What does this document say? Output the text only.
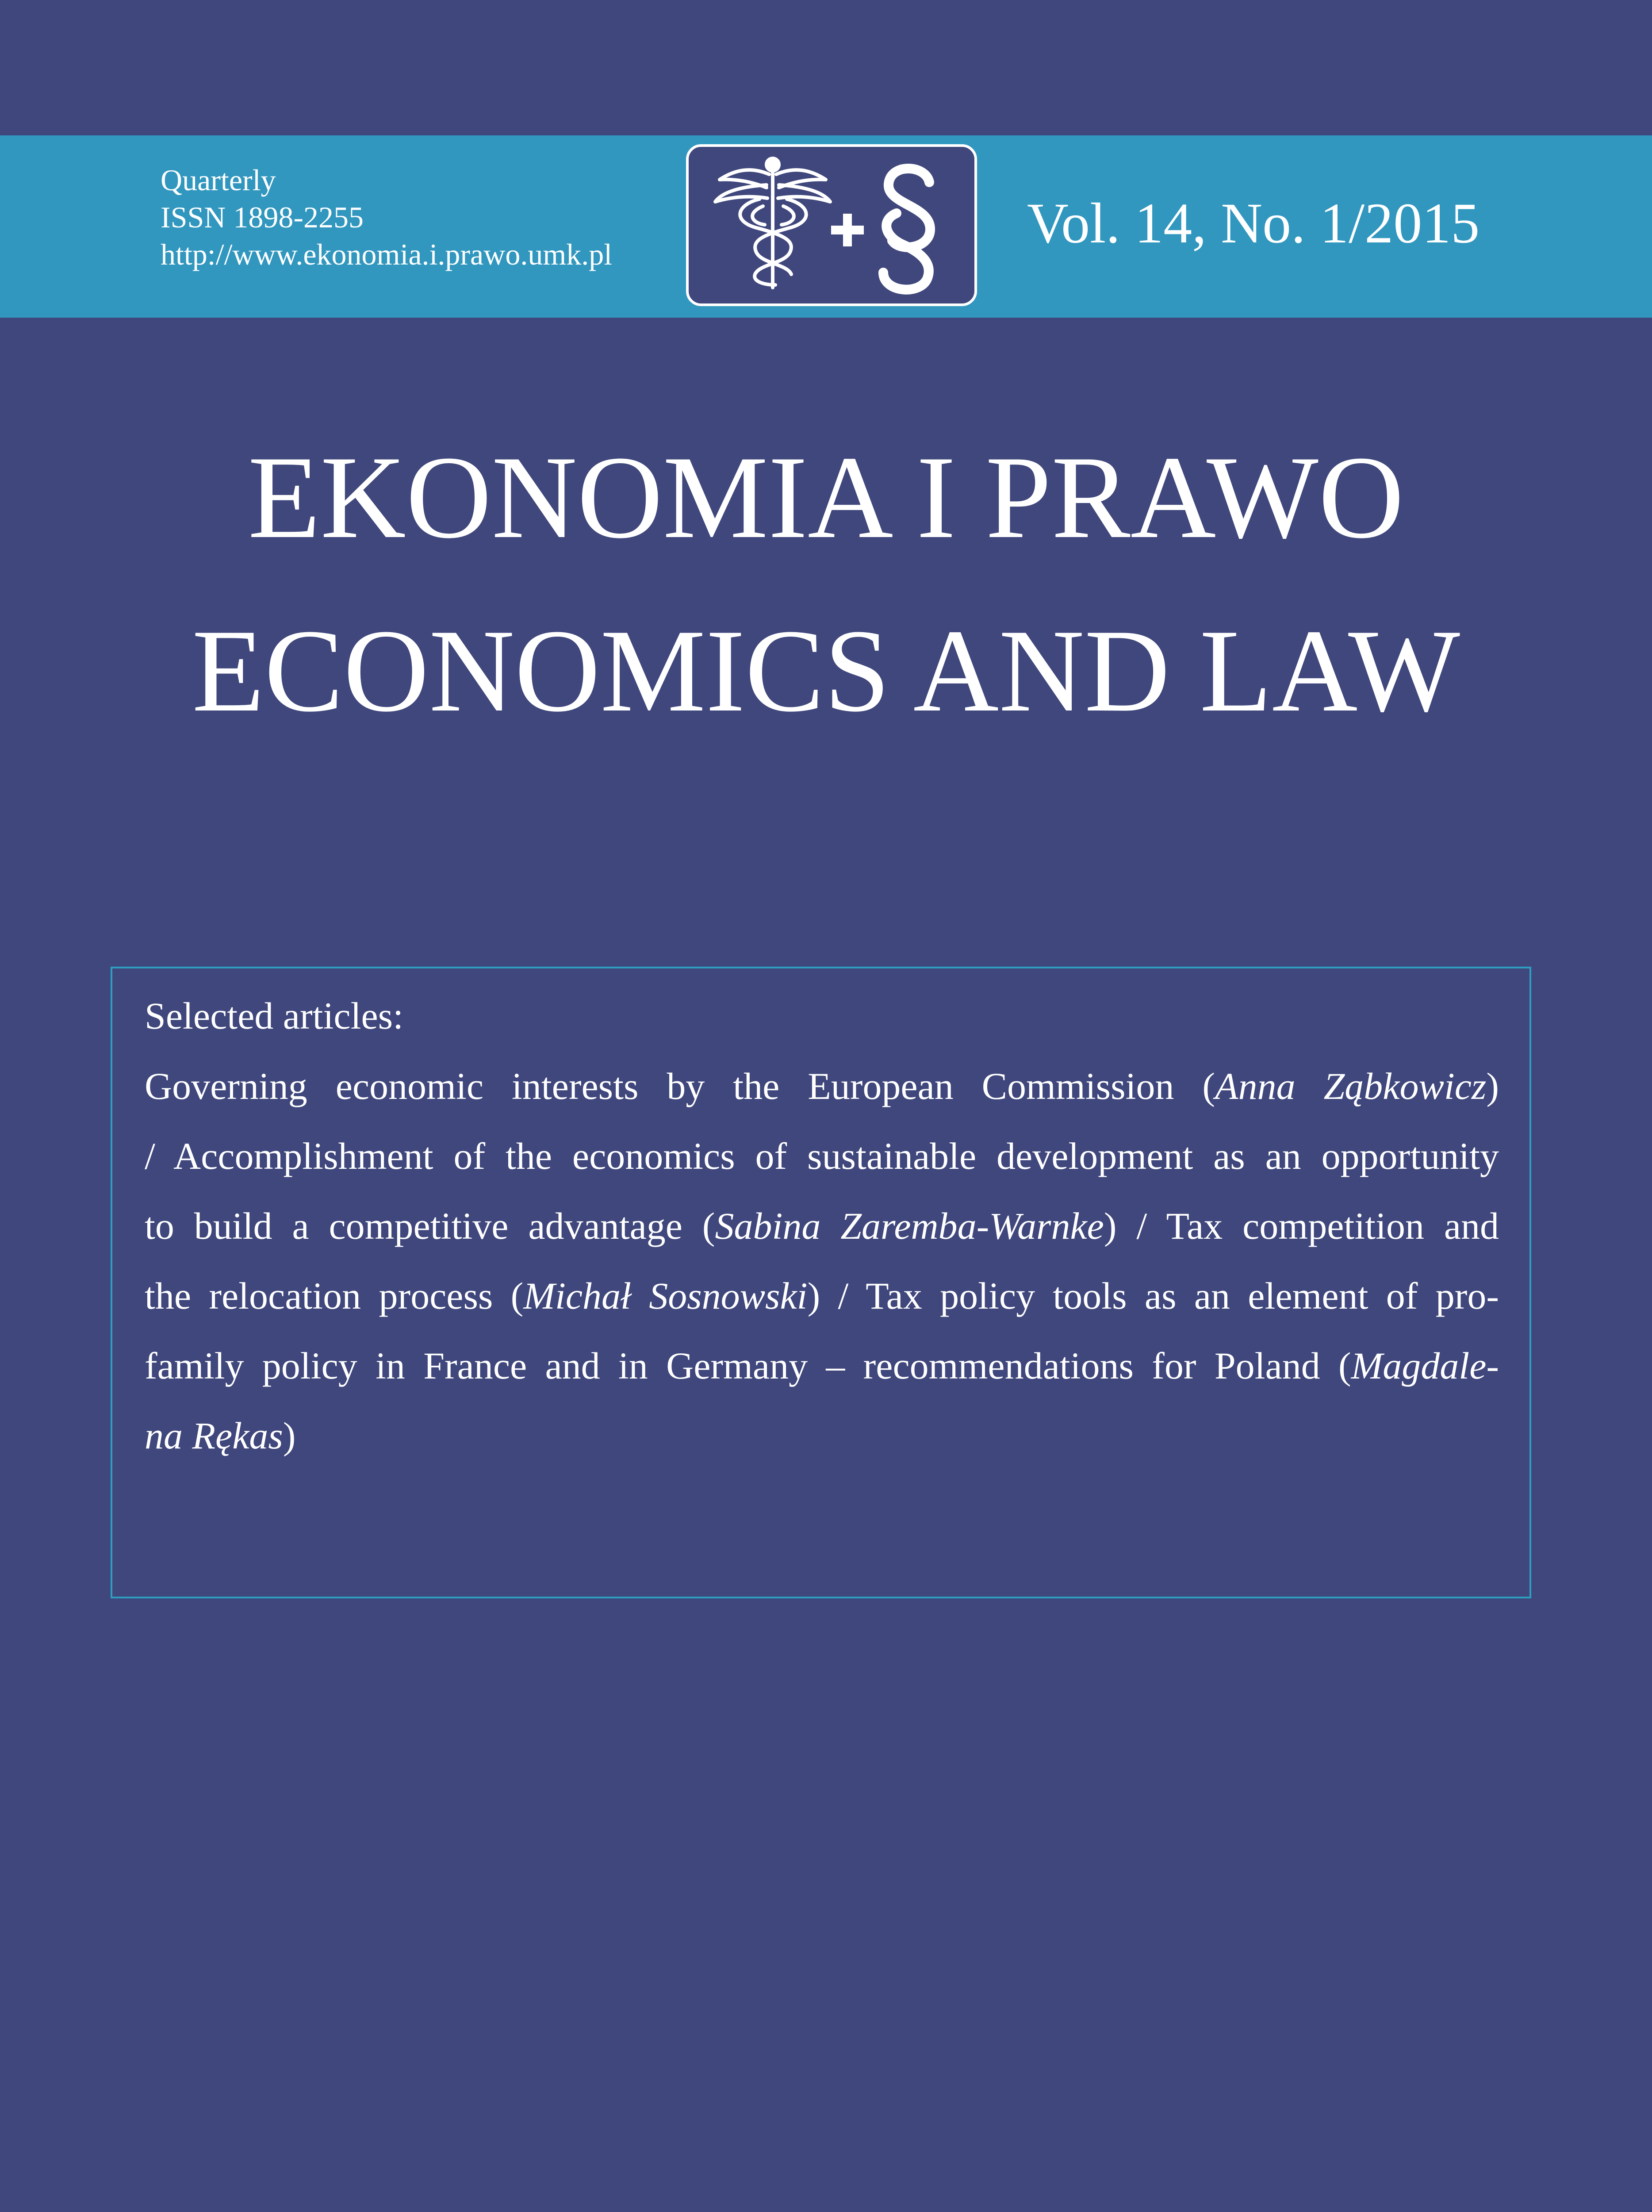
Quarterly
ISSN 1898-2255
http://www.ekonomia.i.prawo.umk.pl	Vol. 14, No. 1/2015
EKONOMIA I PRAWO
ECONOMICS AND LAW
Selected articles:
Governing economic interests by the European Commission (Anna Ząbkowicz)
/ Accomplishment of the economics of sustainable development as an opportunity
to build a competitive advantage (Sabina Zaremba-Warnke) / Tax competition and
the relocation process (Michał Sosnowski) / Tax policy tools as an element of pro-
family policy in France and in Germany – recommendations for Poland (Magdale-
na Rękas)
